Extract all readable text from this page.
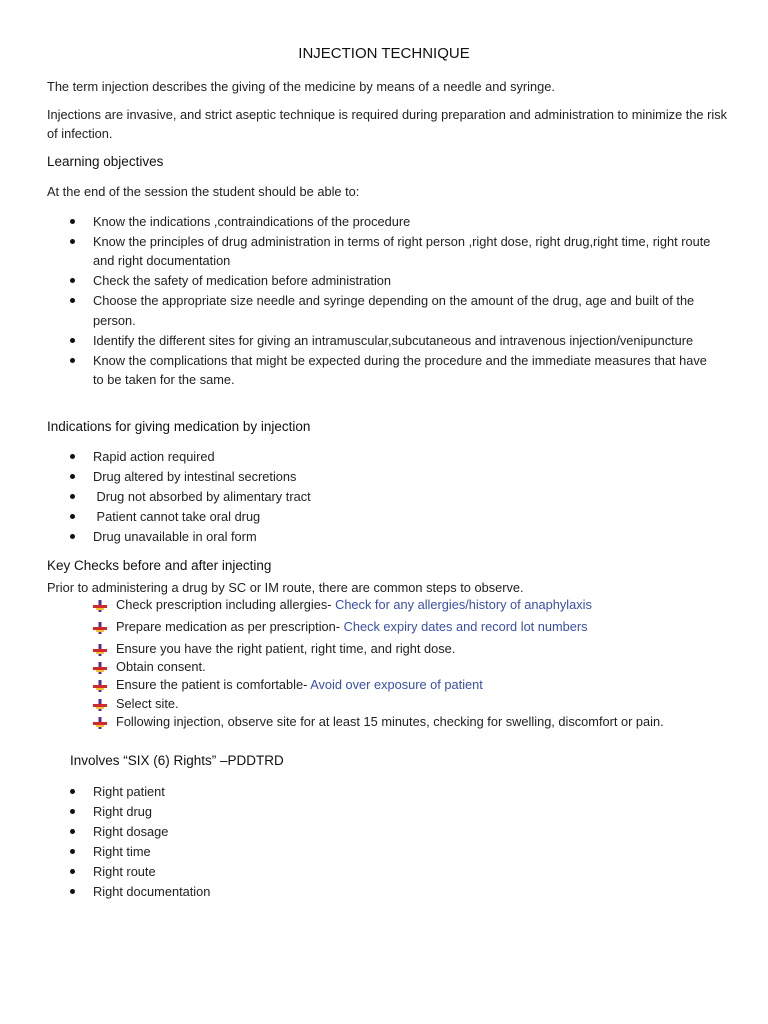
INJECTION TECHNIQUE
The term injection describes the giving of the medicine by means of a needle and syringe.
Injections are invasive, and strict aseptic technique is required during preparation and administration to minimize the risk of infection.
Learning objectives
At the end of the session the student should be able to:
Know the indications ,contraindications of the procedure
Know the principles of drug administration in terms of right person ,right dose, right drug,right time, right route and right documentation
Check the safety of medication before administration
Choose the appropriate size needle and syringe depending on the amount of the drug, age and built of the person.
Identify the different sites for giving an intramuscular,subcutaneous and intravenous injection/venipuncture
Know the complications that might be expected during the procedure and the immediate measures that have to be taken for the same.
Indications for giving medication by injection
Rapid action required
Drug altered by intestinal secretions
Drug not absorbed by alimentary tract
Patient cannot take oral drug
Drug unavailable in oral form
Key Checks before and after injecting
Prior to administering a drug by SC or IM route, there are common steps to observe.
Check prescription including allergies- Check for any allergies/history of anaphylaxis
Prepare medication as per prescription- Check expiry dates and record lot numbers
Ensure you have the right patient, right time, and right dose.
Obtain consent.
Ensure the patient is comfortable- Avoid over exposure of patient
Select site.
Following injection, observe site for at least 15 minutes, checking for swelling, discomfort or pain.
Involves “SIX (6) Rights” –PDDTRD
Right patient
Right drug
Right dosage
Right time
Right route
Right documentation
